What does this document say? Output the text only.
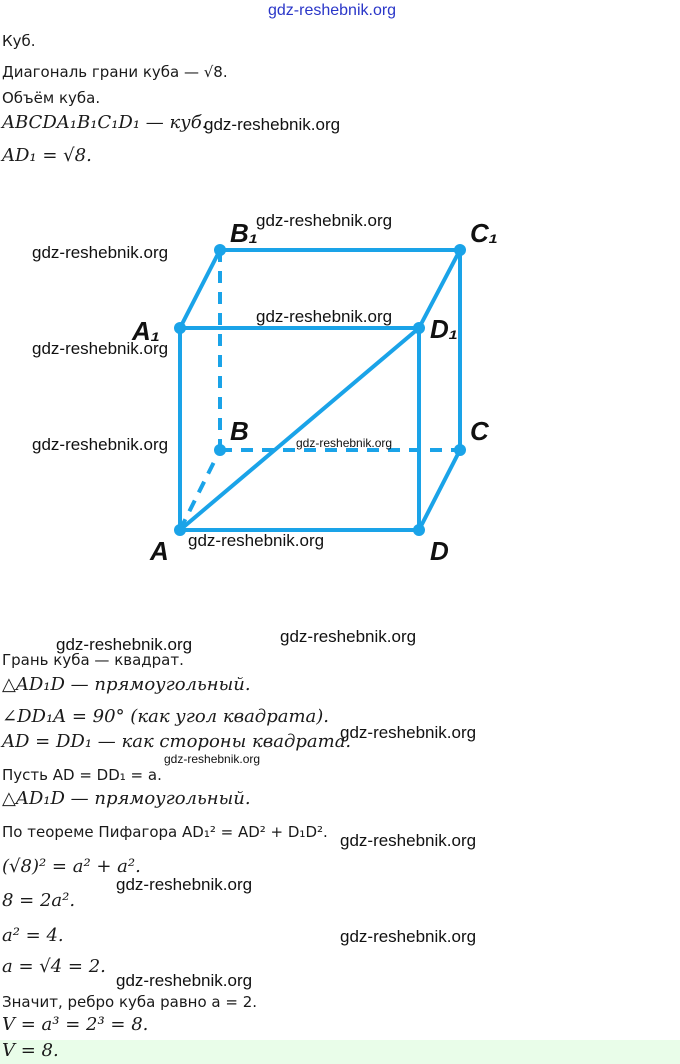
gdz-reshebnik.org
Куб.
Диагональ грани куба — √8.
Объём куба.
ABCDA₁B₁C₁D₁ — куб.
AD₁ = √8.
gdz-reshebnik.org
A
B	C
D
A₁
B₁	C₁
D₁
gdz-reshebnik.org
gdz-reshebnik.org
gdz-reshebnik.org
gdz-reshebnik.org
gdz-reshebnik.org	gdz-reshebnik.org
gdz-reshebnik.org
gdz-reshebnik.org	gdz-reshebnik.org
Грань куба — квадрат.
△AD₁D — прямоугольный.
∠DD₁A = 90° (как угол квадрата).
AD = DD₁ — как стороны квадрата.
gdz-reshebnik.org
gdz-reshebnik.org
Пусть AD = DD₁ = a.
△AD₁D — прямоугольный.
По теореме Пифагора AD₁² = AD² + D₁D². gdz-reshebnik.org
(√8)² = a² + a².
gdz-reshebnik.org
8 = 2a².
a² = 4.	gdz-reshebnik.org
a = √4 = 2.
gdz-reshebnik.org
Значит, ребро куба равно a = 2.
V = a³ = 2³ = 8.
V = 8.
